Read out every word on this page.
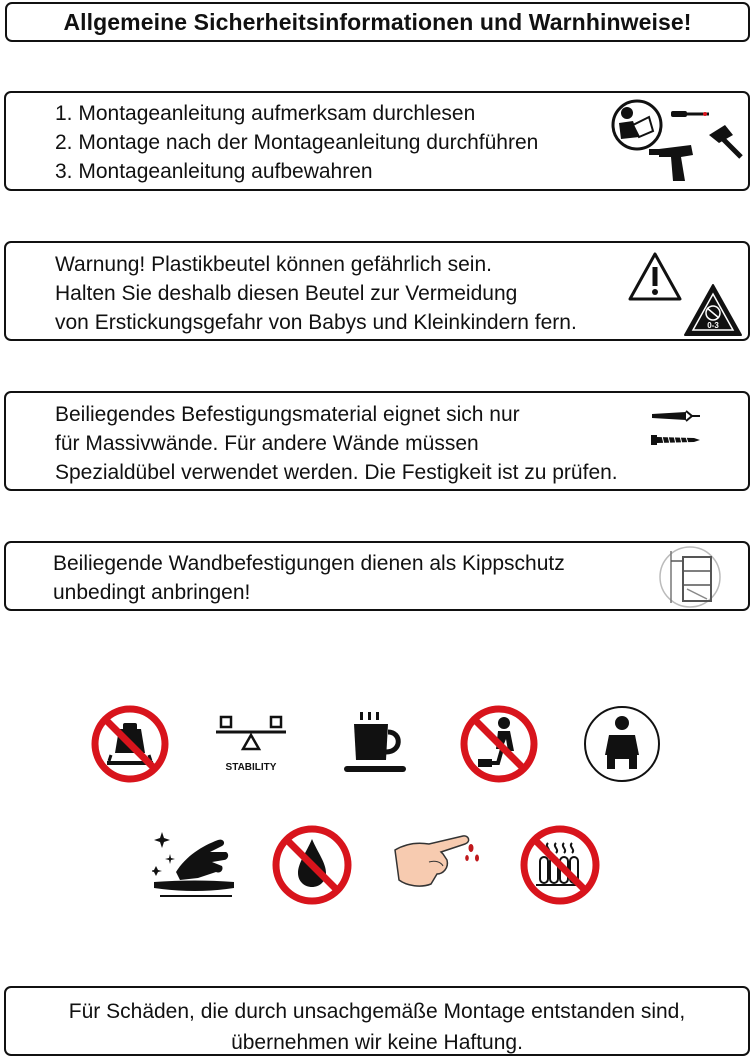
Allgemeine Sicherheitsinformationen und Warnhinweise!
1. Montageanleitung aufmerksam durchlesen
2. Montage nach der Montageanleitung durchführen
3. Montageanleitung aufbewahren
Warnung! Plastikbeutel können gefährlich sein.
Halten Sie deshalb diesen Beutel zur Vermeidung
von Erstickungsgefahr von Babys und Kleinkindern fern.	0-3
Beiliegendes Befestigungsmaterial eignet sich nur
für Massivwände. Für andere Wände müssen
Spezialdübel verwendet werden. Die Festigkeit ist zu prüfen.
Beiliegende Wandbefestigungen dienen als Kippschutz
unbedingt anbringen!
STABILITY
Für Schäden, die durch unsachgemäße Montage entstanden sind,
übernehmen wir keine Haftung.
